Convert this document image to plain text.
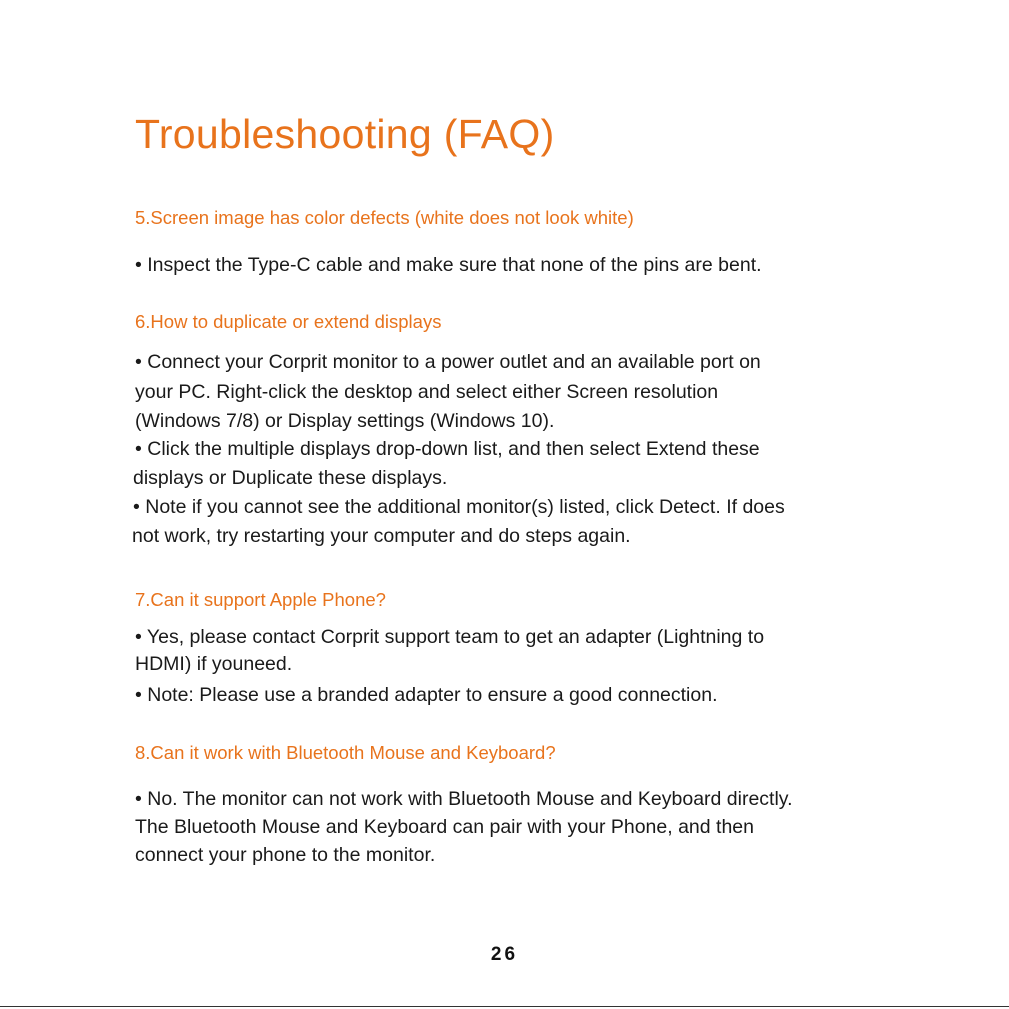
Troubleshooting (FAQ)

5.Screen image has color defects (white does not look white)

• Inspect the Type-C cable and make sure that none of the pins are bent.

6.How to duplicate or extend displays

• Connect your Corprit monitor to a power outlet and an available port on

your PC. Right-click the desktop and select either Screen resolution

(Windows 7/8) or Display settings (Windows 10).

• Click the multiple displays drop-down list, and then select Extend these

displays or Duplicate these displays.

• Note if you cannot see the additional monitor(s) listed, click Detect. If does

not work, try restarting your computer and do steps again.

7.Can it support Apple Phone?

• Yes, please contact Corprit support team to get an adapter (Lightning to

HDMI) if youneed.

• Note: Please use a branded adapter to ensure a good connection.

8.Can it work with Bluetooth Mouse and Keyboard?

• No. The monitor can not work with Bluetooth Mouse and Keyboard directly.

The Bluetooth Mouse and Keyboard can pair with your Phone, and then

connect your phone to the monitor.

26
